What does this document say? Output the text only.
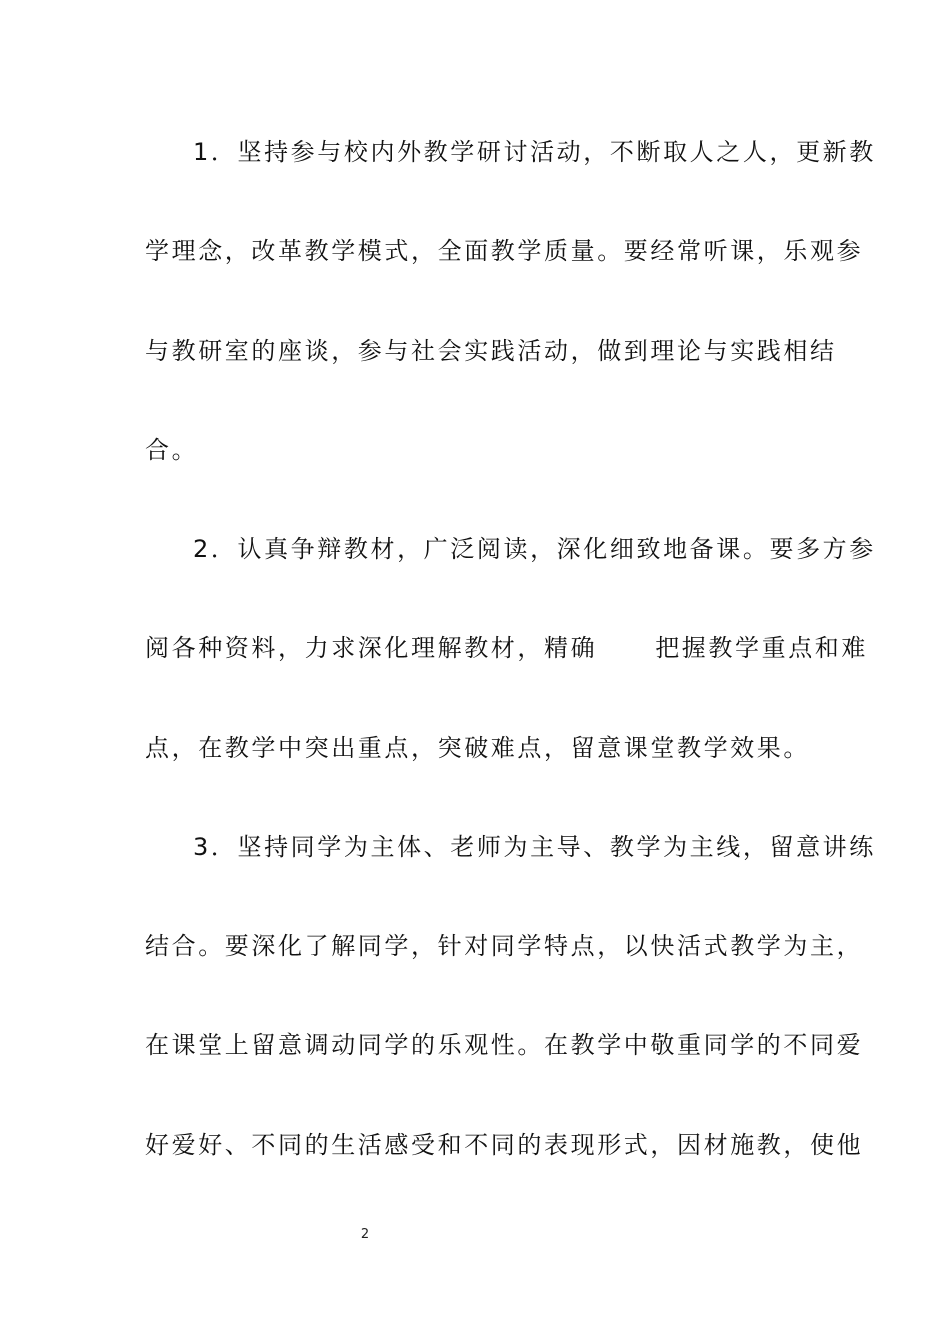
1．坚持参与校内外教学研讨活动，不断取人之人，更新教
学理念，改革教学模式，全面教学质量。要经常听课，乐观参
与教研室的座谈，参与社会实践活动，做到理论与实践相结
合。
2．认真争辩教材，广泛阅读，深化细致地备课。要多方参
阅各种资料，力求深化理解教材，精确 把握教学重点和难
点，在教学中突出重点，突破难点，留意课堂教学效果。
3．坚持同学为主体、老师为主导、教学为主线，留意讲练
结合。要深化了解同学，针对同学特点，以快活式教学为主，
在课堂上留意调动同学的乐观性。在教学中敬重同学的不同爱
好爱好、不同的生活感受和不同的表现形式，因材施教，使他
2
